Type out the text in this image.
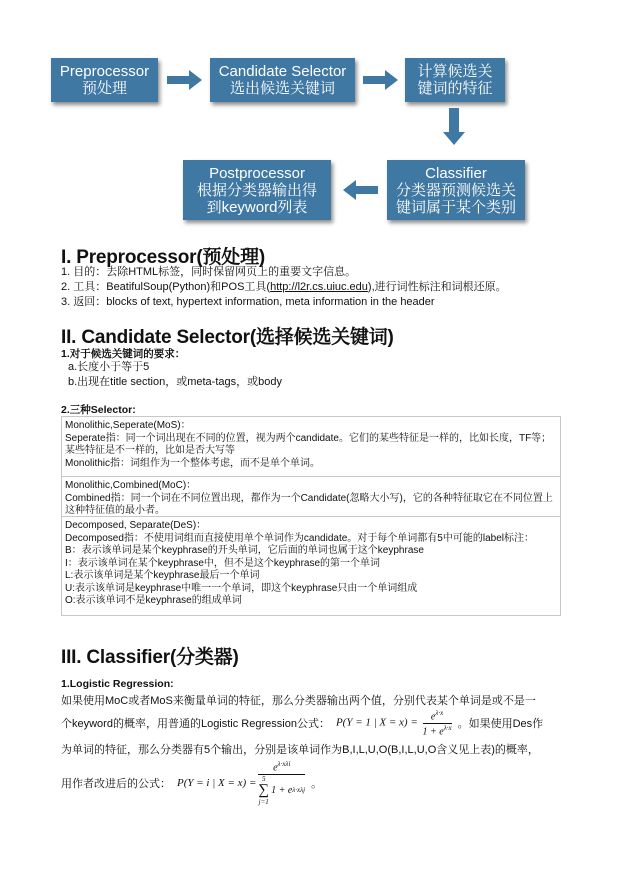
Preprocessor
预处理
Candidate Selector
选出候选关键词
计算候选关
键词的特征
Classifier
分类器预测候选关
键词属于某个类别
Postprocessor
根据分类器输出得
到keyword列表
I. Preprocessor(预处理)
1. 目的：去除HTML标签，同时保留网页上的重要文字信息。
2. 工具：BeatifulSoup(Python)和POS工具(http://l2r.cs.uiuc.edu),进行词性标注和词根还原。
3. 返回：blocks of text, hypertext information, meta information in the header
II. Candidate Selector(选择候选关键词)
1.对于候选关键词的要求：
a.长度小于等于5
b.出现在title section，或meta-tags，或body
2.三种Selector:
Monolithic,Seperate(MoS)：
Seperate指：同一个词出现在不同的位置，视为两个candidate。它们的某些特征是一样的，比如长度，TF等；某些特征是不一样的，比如是否大写等
Monolithic指：词组作为一个整体考虑，而不是单个单词。
Monolithic,Combined(MoC)：
Combined指：同一个词在不同位置出现，都作为一个Candidate(忽略大小写)，它的各种特征取它在不同位置上这种特征值的最小者。
Decomposed, Separate(DeS)：
Decomposed指：不使用词组而直接使用单个单词作为candidate。对于每个单词都有5中可能的label标注：
B：表示该单词是某个keyphrase的开头单词，它后面的单词也属于这个keyphrase
I：表示该单词在某个keyphrase中，但不是这个keyphrase的第一个单词
L:表示该单词是某个keyphrase最后一个单词
U:表示该单词是keyphrase中唯一一个单词，即这个keyphrase只由一个单词组成
O:表示该单词不是keyphrase的组成单词
III. Classifier(分类器)
1.Logistic Regression:
如果使用MoC或者MoS来衡量单词的特征，那么分类器输出两个值，分别代表某个单词是或不是一
个keyword的概率，用普通的Logistic Regression公式： P(Y = 1 | $X = x) = \frac{e^{\lambda\cdot x}}{1 + e^{\lambda\cdot x}}$ 。如果使用Des作
为单词的特征，那么分类器有5个输出，分别是该单词作为B,I,L,U,O(B,I,L,U,O含义见上表)的概率，
用作者改进后的公式： P(Y = i | $X = x) = e^{\lambda\cdot x\lambda i}$
5
∑
j=1
1 + e λ·xλj 。
